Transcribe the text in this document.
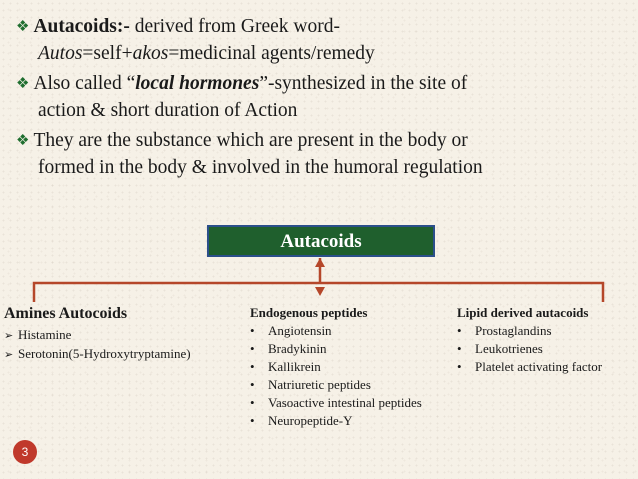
❖ Autacoids:- derived from Greek word-
Autos=self+akos=medicinal agents/remedy

❖ Also called “local hormones”-synthesized in the site of
action & short duration of Action

❖ They are the substance which are present in the body or
formed in the body & involved in the humoral regulation

Autacoids
Amines Autocoids
➢ Histamine
➢ Serotonin(5-Hydroxytryptamine)
Endogenous peptides
• Angiotensin
• Bradykinin
• Kallikrein
• Natriuretic peptides
• Vasoactive intestinal peptides
• Neuropeptide-Y
Lipid derived autacoids
• Prostaglandins
• Leukotrienes
• Platelet activating factor
3
